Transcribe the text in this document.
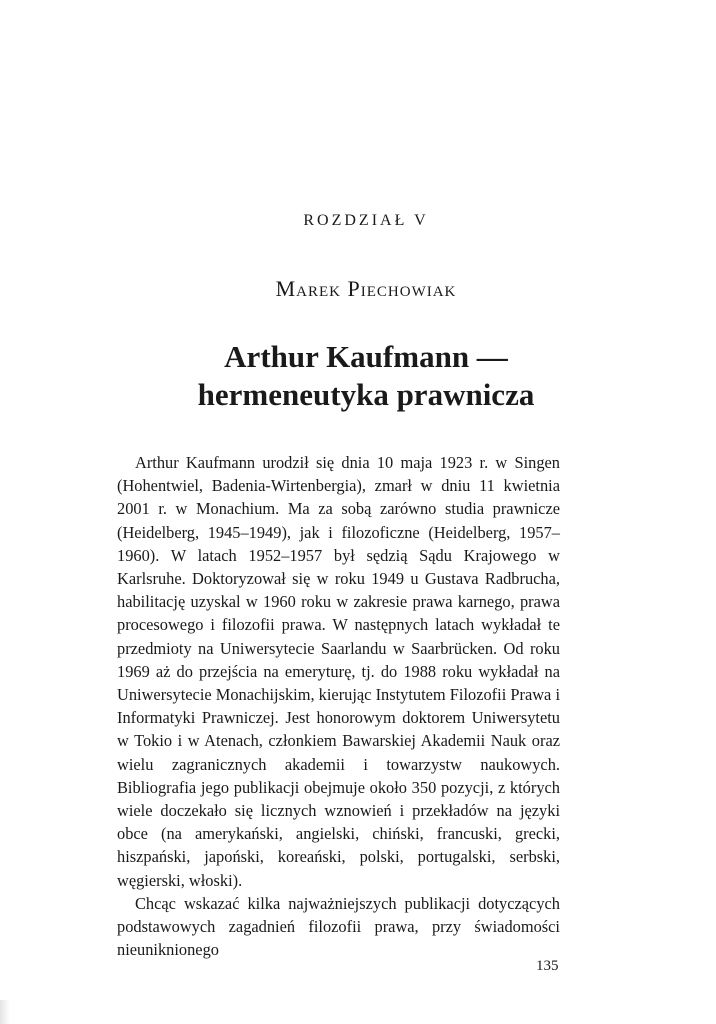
ROZDZIAŁ V
Marek Piechowiak
Arthur Kaufmann —
hermeneutyka prawnicza

Arthur Kaufmann urodził się dnia 10 maja 1923 r. w Singen (Hohentwiel, Badenia-Wirtenbergia), zmarł w dniu 11 kwietnia 2001 r. w Monachium. Ma za sobą zarówno studia prawnicze (Heidelberg, 1945–1949), jak i filozoficzne (Heidelberg, 1957–1960). W latach 1952–1957 był sędzią Sądu Krajowego w Karlsruhe. Doktoryzował się w roku 1949 u Gustava Radbrucha, habilitację uzyskal w 1960 roku w zakresie prawa karnego, prawa procesowego i filozofii prawa. W następnych latach wykładał te przedmioty na Uniwersytecie Saarlandu w Saarbrücken. Od roku 1969 aż do przejścia na emeryturę, tj. do 1988 roku wykładał na Uniwersytecie Monachijskim, kierując Instytutem Filozofii Prawa i Informatyki Prawniczej. Jest honorowym doktorem Uniwersytetu w Tokio i w Atenach, członkiem Bawarskiej Akademii Nauk oraz wielu zagranicznych akademii i towarzystw naukowych. Bibliografia jego publikacji obejmuje około 350 pozycji, z których wiele doczekało się licznych wznowień i przekładów na języki obce (na amerykański, angielski, chiński, francuski, grecki, hiszpański, japoński, koreański, polski, portugalski, serbski, węgierski, włoski).

Chcąc wskazać kilka najważniejszych publikacji dotyczących podstawowych zagadnień filozofii prawa, przy świadomości nieuniknionego

135
